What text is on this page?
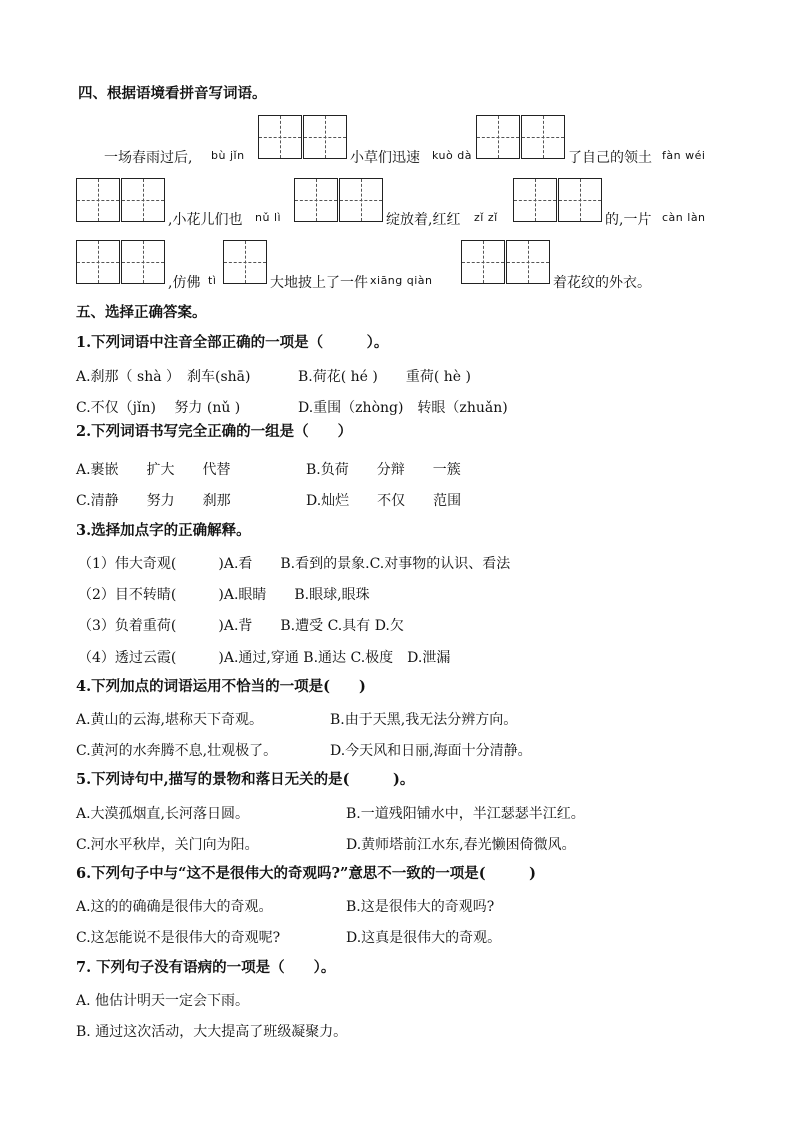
四、根据语境看拼音写词语。
一场春雨过后, bù jǐn	小草们迅速 kuò dà	了自己的领土 fàn wéi
,小花儿们也 nǔ lì	绽放着,红红 zǐ zǐ	的,一片 càn làn
,仿佛 tì	大地披上了一件 xiāng qiàn	着花纹的外衣。
五、选择正确答案。
1.下列词语中注音全部正确的一项是（　　　）。
A.刹那（ shà ）　刹车(shā)	B.荷花( hé )　　重荷( hè )
C.不仅（jǐn)　 努力 (nǔ )	D.重围（zhòng)　转眼（zhuǎn)
2.下列词语书写完全正确的一组是（　　）
A.裹嵌　　扩大　　代替	B.负荷　　分辩　　一簇
C.清静　　努力　　刹那	D.灿烂　　不仅　　范围
3.选择加点字的正确解释。
（1）伟大奇观(　　　)A.看　　B.看到的景象.C.对事物的认识、看法
（2）目不转睛(　　　)A.眼睛　　B.眼球,眼珠
（3）负着重荷(　　　)A.背　　B.遭受 C.具有 D.欠
（4）透过云霞(　　　)A.通过,穿通 B.通达 C.极度　D.泄漏
4.下列加点的词语运用不恰当的一项是(　　)
A.黄山的云海,堪称天下奇观。	B.由于天黑,我无法分辨方向。
C.黄河的水奔腾不息,壮观极了。	D.今天风和日丽,海面十分清静。
5.下列诗句中,描写的景物和落日无关的是(　　　)。
A.大漠孤烟直,长河落日圆。	B.一道残阳铺水中，半江瑟瑟半江红。
C.河水平秋岸，关门向为阳。	D.黄师塔前江水东,春光懒困倚微风。
6.下列句子中与“这不是很伟大的奇观吗?”意思不一致的一项是(　　　)
A.这的的确确是很伟大的奇观。	B.这是很伟大的奇观吗?
C.这怎能说不是很伟大的奇观呢?	D.这真是很伟大的奇观。
7. 下列句子没有语病的一项是（　　）。
A. 他估计明天一定会下雨。
B. 通过这次活动，大大提高了班级凝聚力。
